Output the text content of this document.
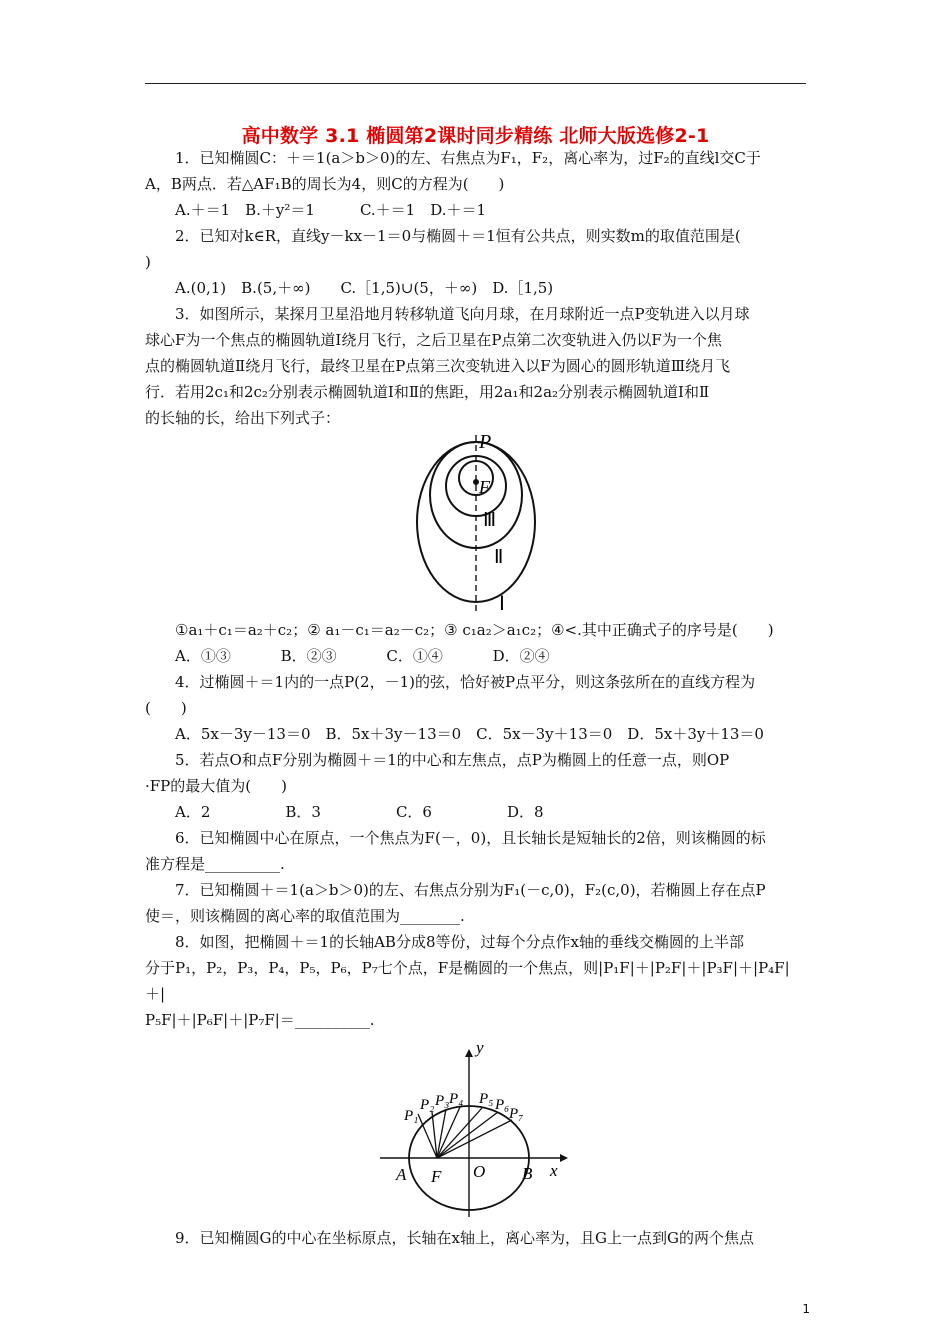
高中数学 3.1 椭圆第2课时同步精练 北师大版选修2-1

1．已知椭圆C：＋＝1(a＞b＞0)的左、右焦点为F₁，F₂，离心率为，过F₂的直线l交C于

A，B两点．若△AF₁B的周长为4，则C的方程为(　　)

A.＋＝1　B.＋y²＝1　　　C.＋＝1　D.＋＝1

2．已知对k∈R，直线y－kx－1＝0与椭圆＋＝1恒有公共点，则实数m的取值范围是(

)

A.(0,1)　B.(5,＋∞)　　C.［1,5)∪(5，＋∞)　D.［1,5)

3．如图所示，某探月卫星沿地月转移轨道飞向月球，在月球附近一点P变轨进入以月球

球心F为一个焦点的椭圆轨道Ⅰ绕月飞行，之后卫星在P点第二次变轨进入仍以F为一个焦

点的椭圆轨道Ⅱ绕月飞行，最终卫星在P点第三次变轨进入以F为圆心的圆形轨道Ⅲ绕月飞

行．若用2c₁和2c₂分别表示椭圆轨道Ⅰ和Ⅱ的焦距，用2a₁和2a₂分别表示椭圆轨道Ⅰ和Ⅱ

的长轴的长，给出下列式子：

P
F
Ⅲ
Ⅱ
Ⅰ

①a₁＋c₁＝a₂＋c₂；② a₁－c₁＝a₂－c₂；③ c₁a₂＞a₁c₂；④<.其中正确式子的序号是(　　)

A．①③　　　 B．②③　　　 C．①④　　　 D．②④

4．过椭圆＋＝1内的一点P(2，－1)的弦，恰好被P点平分，则这条弦所在的直线方程为

(　　)

A．5x－3y－13＝0　B．5x＋3y－13＝0　C．5x－3y＋13＝0　D．5x＋3y＋13＝0

5．若点O和点F分别为椭圆＋＝1的中心和左焦点，点P为椭圆上的任意一点，则OP

·FP的最大值为(　　)

A．2　　　　　B．3　　　　　C．6　　　　　D．8

6．已知椭圆中心在原点，一个焦点为F(－，0)，且长轴长是短轴长的2倍，则该椭圆的标

准方程是__________.

7．已知椭圆＋＝1(a＞b＞0)的左、右焦点分别为F₁(－c,0)，F₂(c,0)，若椭圆上存在点P

使＝，则该椭圆的离心率的取值范围为________.

8．如图，把椭圆＋＝1的长轴AB分成8等份，过每个分点作x轴的垂线交椭圆的上半部

分于P₁，P₂，P₃，P₄，P₅，P₆，P₇七个点，F是椭圆的一个焦点，则|P₁F|＋|P₂F|＋|P₃F|＋|P₄F|＋|

P₅F|＋|P₆F|＋|P₇F|＝__________.

y
x
A F O B
P₁
P₂ P₃ P₄ P₅ P₆
P₇

9．已知椭圆G的中心在坐标原点，长轴在x轴上，离心率为，且G上一点到G的两个焦点

1
